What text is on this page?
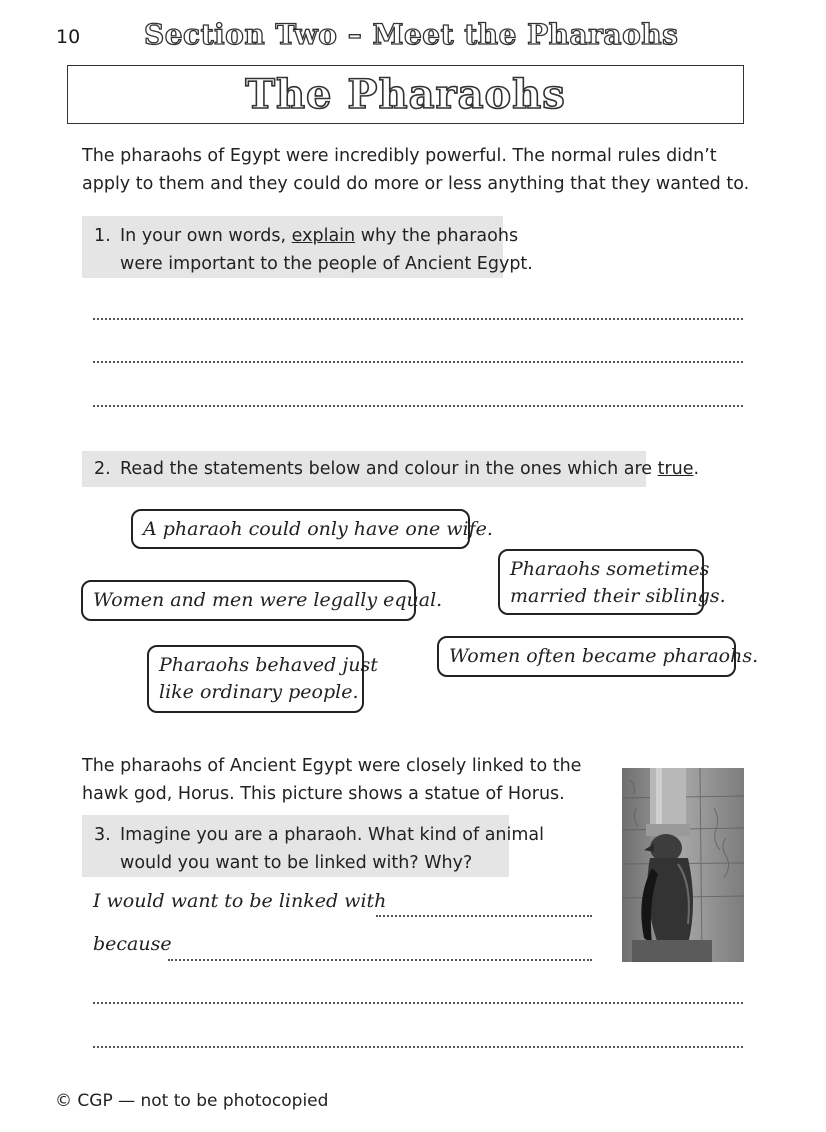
10 Section Two – Meet the Pharaohs
The Pharaohs
The pharaohs of Egypt were incredibly powerful. The normal rules didn’t
apply to them and they could do more or less anything that they wanted to.
1. In your own words, explain why the pharaohs
were important to the people of Ancient Egypt.
2. Read the statements below and colour in the ones which are true.
A pharaoh could only have one wife.
Pharaohs sometimes
married their siblings.
Women and men were legally equal.
Pharaohs behaved just
like ordinary people.
Women often became pharaohs.
The pharaohs of Ancient Egypt were closely linked to the
hawk god, Horus. This picture shows a statue of Horus.
3. Imagine you are a pharaoh. What kind of animal
would you want to be linked with? Why?
I would want to be linked with
because
© CGP — not to be photocopied
